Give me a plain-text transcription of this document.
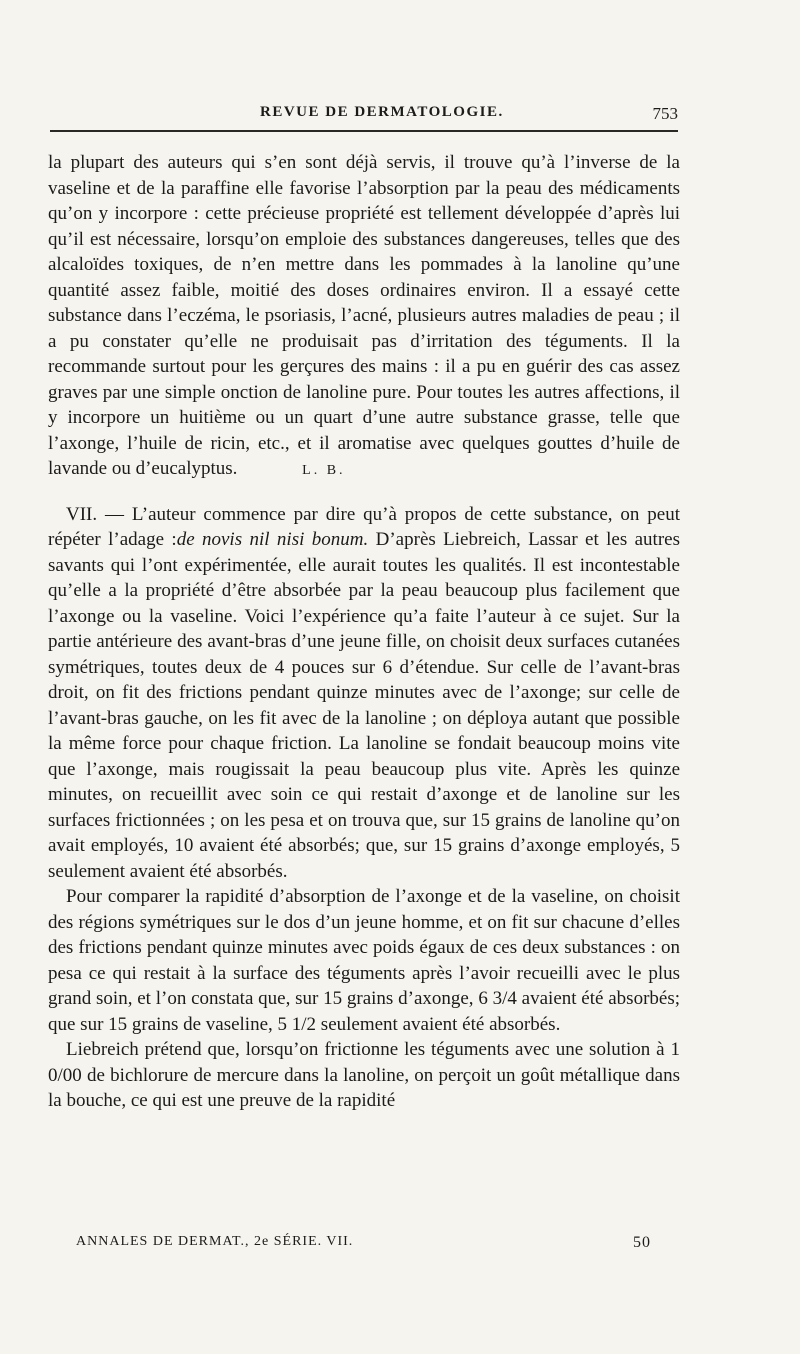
REVUE DE DERMATOLOGIE.	753

la plupart des auteurs qui s’en sont déjà servis, il trouve qu’à l’inverse de la vaseline et de la paraffine elle favorise l’absorption par la peau des médicaments qu’on y incorpore : cette précieuse propriété est tellement développée d’après lui qu’il est nécessaire, lorsqu’on emploie des substances dangereuses, telles que des alcaloïdes toxiques, de n’en mettre dans les pommades à la lanoline qu’une quantité assez faible, moitié des doses ordinaires environ. Il a essayé cette substance dans l’eczéma, le psoriasis, l’acné, plusieurs autres maladies de peau ; il a pu constater qu’elle ne produisait pas d’irritation des téguments. Il la recommande surtout pour les gerçures des mains : il a pu en guérir des cas assez graves par une simple onction de lanoline pure. Pour toutes les autres affections, il y incorpore un huitième ou un quart d’une autre substance grasse, telle que l’axonge, l’huile de ricin, etc., et il aromatise avec quelques gouttes d’huile de lavande ou d’eucalyptus.	L. B.

VII. — L’auteur commence par dire qu’à propos de cette substance, on peut répéter l’adage :de novis nil nisi bonum. D’après Liebreich, Lassar et les autres savants qui l’ont expérimentée, elle aurait toutes les qualités. Il est incontestable qu’elle a la propriété d’être absorbée par la peau beaucoup plus facilement que l’axonge ou la vaseline. Voici l’expérience qu’a faite l’auteur à ce sujet. Sur la partie antérieure des avant-bras d’une jeune fille, on choisit deux surfaces cutanées symétriques, toutes deux de 4 pouces sur 6 d’étendue. Sur celle de l’avant-bras droit, on fit des frictions pendant quinze minutes avec de l’axonge; sur celle de l’avant-bras gauche, on les fit avec de la lanoline ; on déploya autant que possible la même force pour chaque friction. La lanoline se fondait beaucoup moins vite que l’axonge, mais rougissait la peau beaucoup plus vite. Après les quinze minutes, on recueillit avec soin ce qui restait d’axonge et de lanoline sur les surfaces frictionnées ; on les pesa et on trouva que, sur 15 grains de lanoline qu’on avait employés, 10 avaient été absorbés; que, sur 15 grains d’axonge employés, 5 seulement avaient été absorbés.

Pour comparer la rapidité d’absorption de l’axonge et de la vaseline, on choisit des régions symétriques sur le dos d’un jeune homme, et on fit sur chacune d’elles des frictions pendant quinze minutes avec poids égaux de ces deux substances : on pesa ce qui restait à la surface des téguments après l’avoir recueilli avec le plus grand soin, et l’on constata que, sur 15 grains d’axonge, 6 3/4 avaient été absorbés; que sur 15 grains de vaseline, 5 1/2 seulement avaient été absorbés.

Liebreich prétend que, lorsqu’on frictionne les téguments avec une solution à 1 0/00 de bichlorure de mercure dans la lanoline, on perçoit un goût métallique dans la bouche, ce qui est une preuve de la rapidité

ANNALES DE DERMAT., 2e SÉRIE. VII.	50
